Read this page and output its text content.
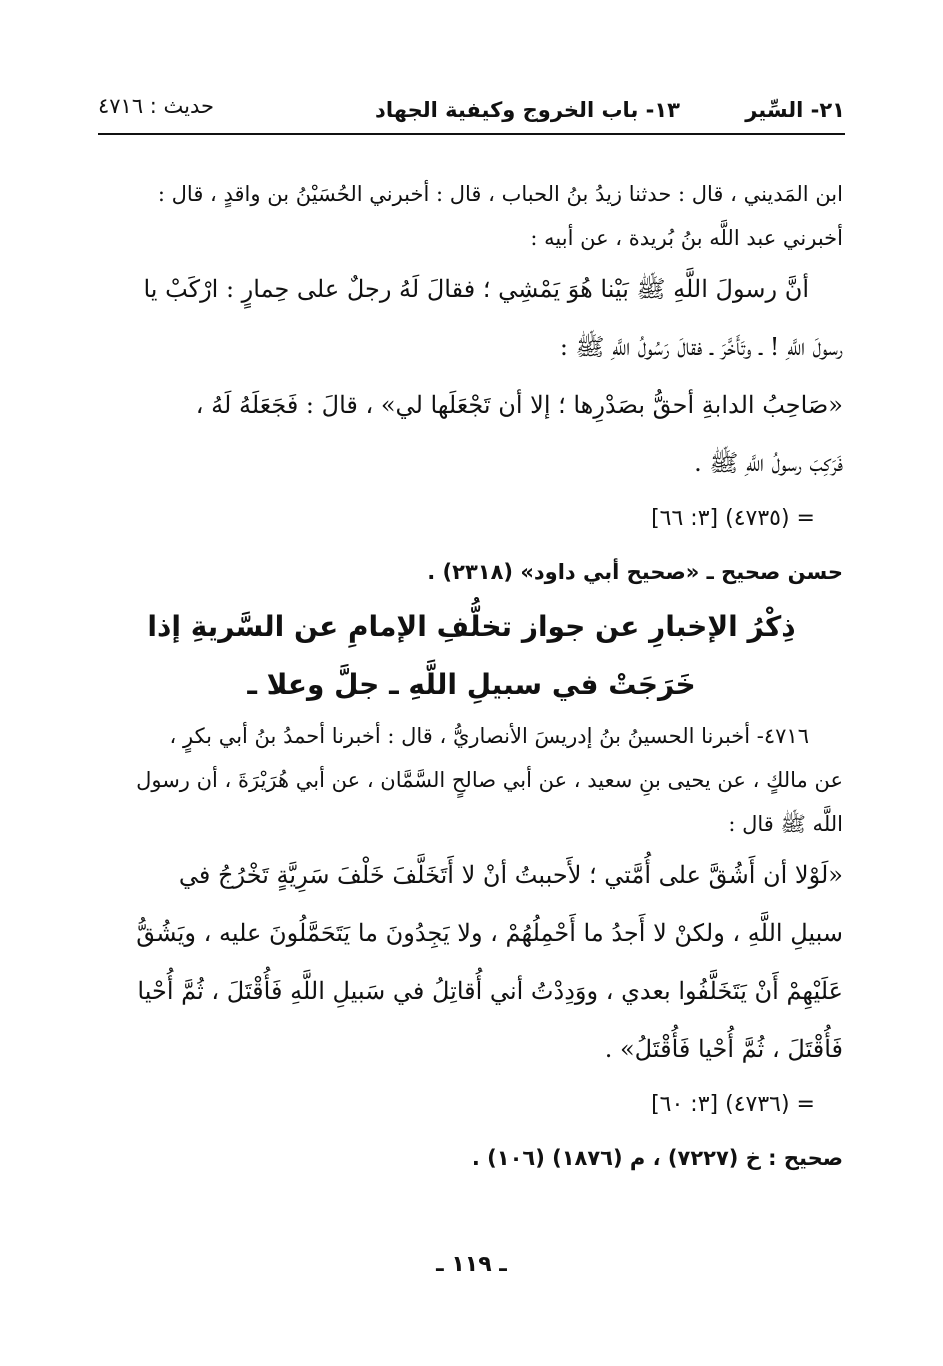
٢١- السِّير
١٣- باب الخروج وكيفية الجهاد
حديث : ٤٧١٦
ابن المَديني ، قال : حدثنا زيدُ بنُ الحباب ، قال : أخبرني الحُسَيْنُ بن واقدٍ ، قال :
أخبرني عبد اللَّه بنُ بُريدة ، عن أبيه :
أنَّ رسولَ اللَّهِ ﷺ بَيْنا هُوَ يَمْشِي ؛ فقالَ لَهُ رجلٌ على حِمارٍ : ارْكَبْ يا
رسولَ اللَّهِ ! ـ وتَأَخَّرَ ـ فقالَ رَسُولُ اللَّهِ ﷺ :
«صَاحِبُ الدابةِ أحقُّ بصَدْرِها ؛ إلا أن تَجْعَلَها لي» ، قالَ : فَجَعَلَهُ لَهُ ،
فَرَكِبَ رسولُ اللَّهِ ﷺ .
= (٤٧٣٥) [٣: ٦٦]
حسن صحيح ـ «صحيح أبي داود» (٢٣١٨) .
ذِكْرُ الإخبارِ عن جواز تخلُّفِ الإمامِ عن السَّريةِ إذا
خَرَجَتْ في سبيلِ اللَّهِ ـ جلَّ وعلا ـ
٤٧١٦- أخبرنا الحسينُ بنُ إدريسَ الأنصاريُّ ، قال : أخبرنا أحمدُ بنُ أبي بكرٍ ،
عن مالكٍ ، عن يحيى بنِ سعيد ، عن أبي صالحٍ السَّمَّان ، عن أبي هُرَيْرَةَ ، أن رسول
اللَّه ﷺ قال :
«لَوْلا أن أَشُقَّ على أُمَّتي ؛ لأَحببتُ أنْ لا أَتَخَلَّفَ خَلْفَ سَرِيَّةٍ تَخْرُجُ في
سبيلِ اللَّهِ ، ولكنْ لا أَجدُ ما أَحْمِلُهُمْ ، ولا يَجِدُونَ ما يَتَحَمَّلُونَ عليه ، ويَشُقُّ
عَلَيْهِمْ أَنْ يَتَخَلَّفُوا بعدي ، ووَدِدْتُ أني أُقاتِلُ في سَبيلِ اللَّهِ فَأُقْتَلَ ، ثُمَّ أُحْيا
فَأُقْتَلَ ، ثُمَّ أُحْيا فَأُقْتَلُ» .
= (٤٧٣٦) [٣: ٦٠]
صحيح : خ (٧٢٢٧) ، م (١٨٧٦) (١٠٦) .
ـ ١١٩ ـ
